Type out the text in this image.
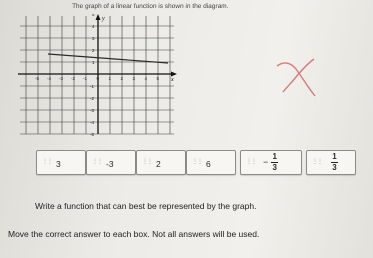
The graph of a linear function is shown in the diagram.
-5 -4 -3 -2 -1 0 1 2 3 4 5
5
4
3
2
1
-1
-2
-3
-4
-5
x
y
⋮⋮ 3	⋮⋮ -3	⋮⋮ 2	⋮⋮ 6	⋮⋮ − $\frac{1}{3}$	⋮⋮ $\frac{1}{3}$
Write a function that can best be represented by the graph.
Move the correct answer to each box. Not all answers will be used.
